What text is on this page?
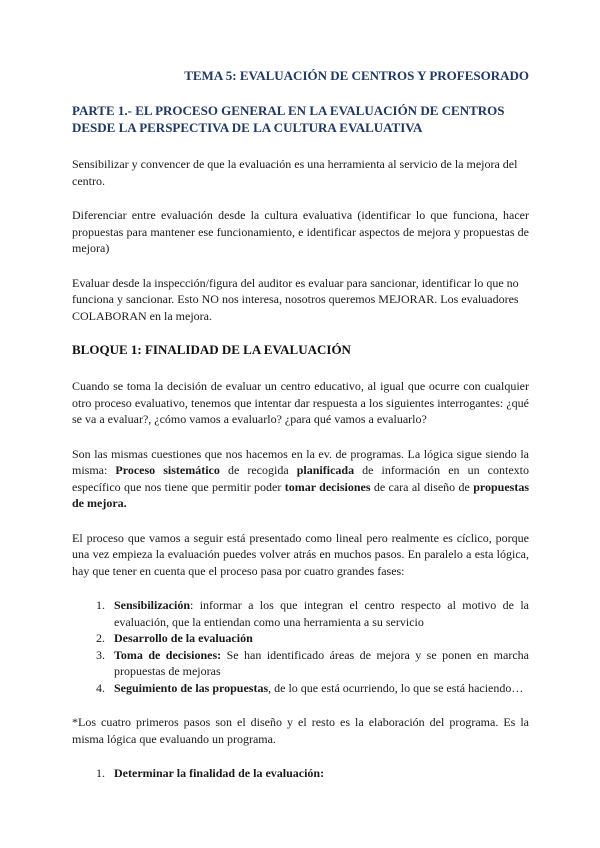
TEMA 5: EVALUACIÓN DE CENTROS Y PROFESORADO
PARTE 1.- EL PROCESO GENERAL EN LA EVALUACIÓN DE CENTROS DESDE LA PERSPECTIVA DE LA CULTURA EVALUATIVA

Sensibilizar y convencer de que la evaluación es una herramienta al servicio de la mejora del centro.

Diferenciar entre evaluación desde la cultura evaluativa (identificar lo que funciona, hacer propuestas para mantener ese funcionamiento, e identificar aspectos de mejora y propuestas de mejora)

Evaluar desde la inspección/figura del auditor es evaluar para sancionar, identificar lo que no funciona y sancionar. Esto NO nos interesa, nosotros queremos MEJORAR. Los evaluadores COLABORAN en la mejora.

BLOQUE 1: FINALIDAD DE LA EVALUACIÓN

Cuando se toma la decisión de evaluar un centro educativo, al igual que ocurre con cualquier otro proceso evaluativo, tenemos que intentar dar respuesta a los siguientes interrogantes: ¿qué se va a evaluar?, ¿cómo vamos a evaluarlo? ¿para qué vamos a evaluarlo?

Son las mismas cuestiones que nos hacemos en la ev. de programas. La lógica sigue siendo la misma: Proceso sistemático de recogida planificada de información en un contexto específico que nos tiene que permitir poder tomar decisiones de cara al diseño de propuestas de mejora.

El proceso que vamos a seguir está presentado como lineal pero realmente es cíclico, porque una vez empieza la evaluación puedes volver atrás en muchos pasos. En paralelo a esta lógica, hay que tener en cuenta que el proceso pasa por cuatro grandes fases:

1. Sensibilización: informar a los que integran el centro respecto al motivo de la evaluación, que la entiendan como una herramienta a su servicio
2. Desarrollo de la evaluación
3. Toma de decisiones: Se han identificado áreas de mejora y se ponen en marcha propuestas de mejoras
4. Seguimiento de las propuestas, de lo que está ocurriendo, lo que se está haciendo…

*Los cuatro primeros pasos son el diseño y el resto es la elaboración del programa. Es la misma lógica que evaluando un programa.

1. Determinar la finalidad de la evaluación:
